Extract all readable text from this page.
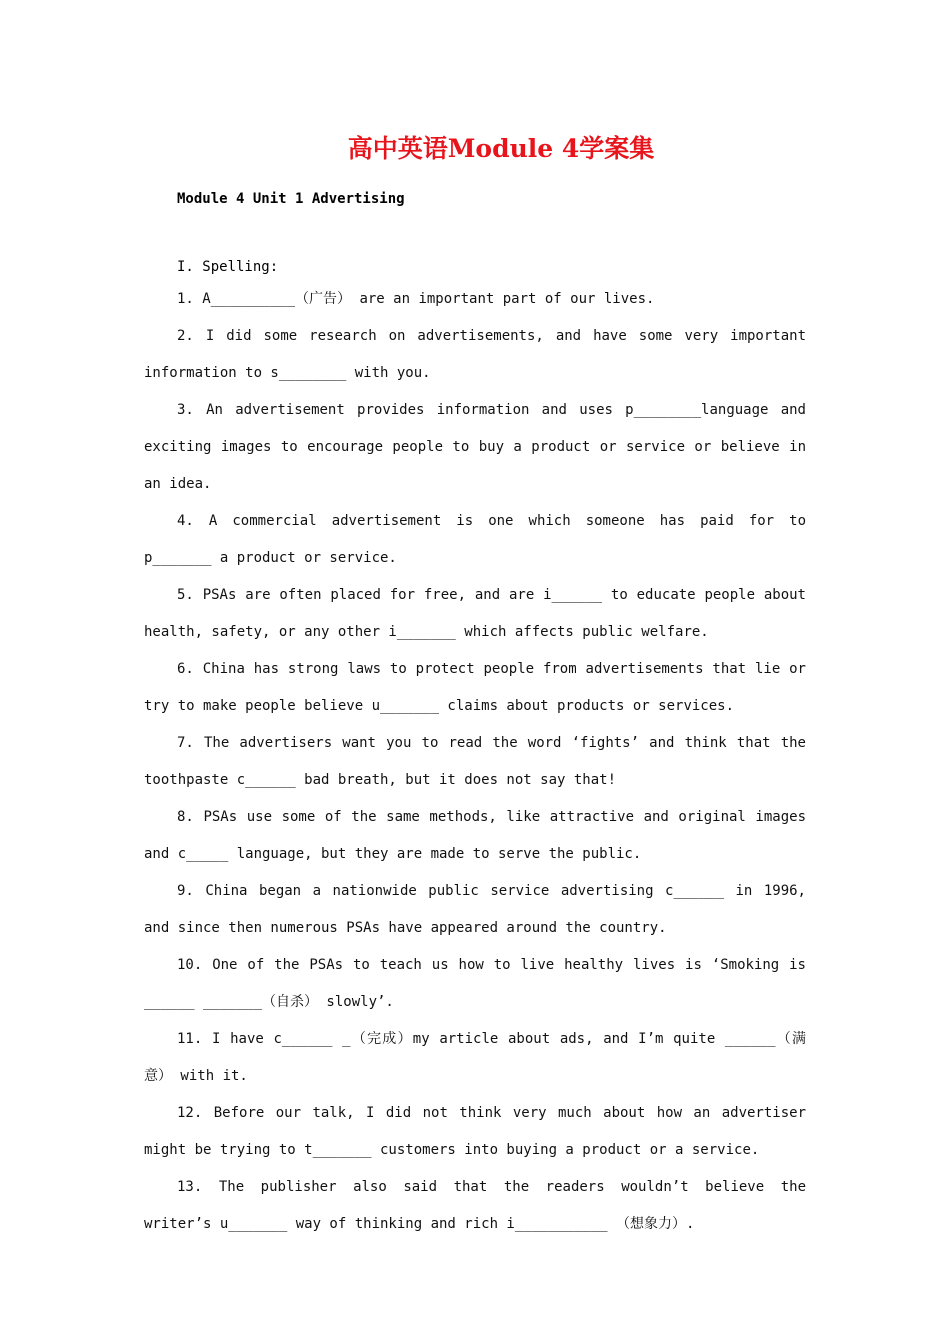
高中英语Module 4学案集
Module 4 Unit 1 Advertising
I. Spelling:
1. A__________（广告） are an important part of our lives.
2. I did some research on advertisements, and have some very important
information to s________ with you.
3. An advertisement provides information and uses p________language and
exciting images to encourage people to buy a product or service or believe in
an idea.
4. A commercial advertisement is one which someone has paid for to
p_______ a product or service.
5. PSAs are often placed for free, and are i______ to educate people about
health, safety, or any other i_______ which affects public welfare.
6. China has strong laws to protect people from advertisements that lie or
try to make people believe u_______ claims about products or services.
7. The advertisers want you to read the word ‘fights’ and think that the
toothpaste c______ bad breath, but it does not say that!
8. PSAs use some of the same methods, like attractive and original images
and c_____ language, but they are made to serve the public.
9. China began a nationwide public service advertising c______ in 1996,
and since then numerous PSAs have appeared around the country.
10. One of the PSAs to teach us how to live healthy lives is ‘Smoking is
______ _______（自杀） slowly’.
11. I have c______ _（完成）my article about ads, and I’m quite ______（满
意） with it.
12. Before our talk, I did not think very much about how an advertiser
might be trying to t_______ customers into buying a product or a service.
13. The publisher also said that the readers wouldn’t believe the
writer’s u_______ way of thinking and rich i___________ （想象力）.
